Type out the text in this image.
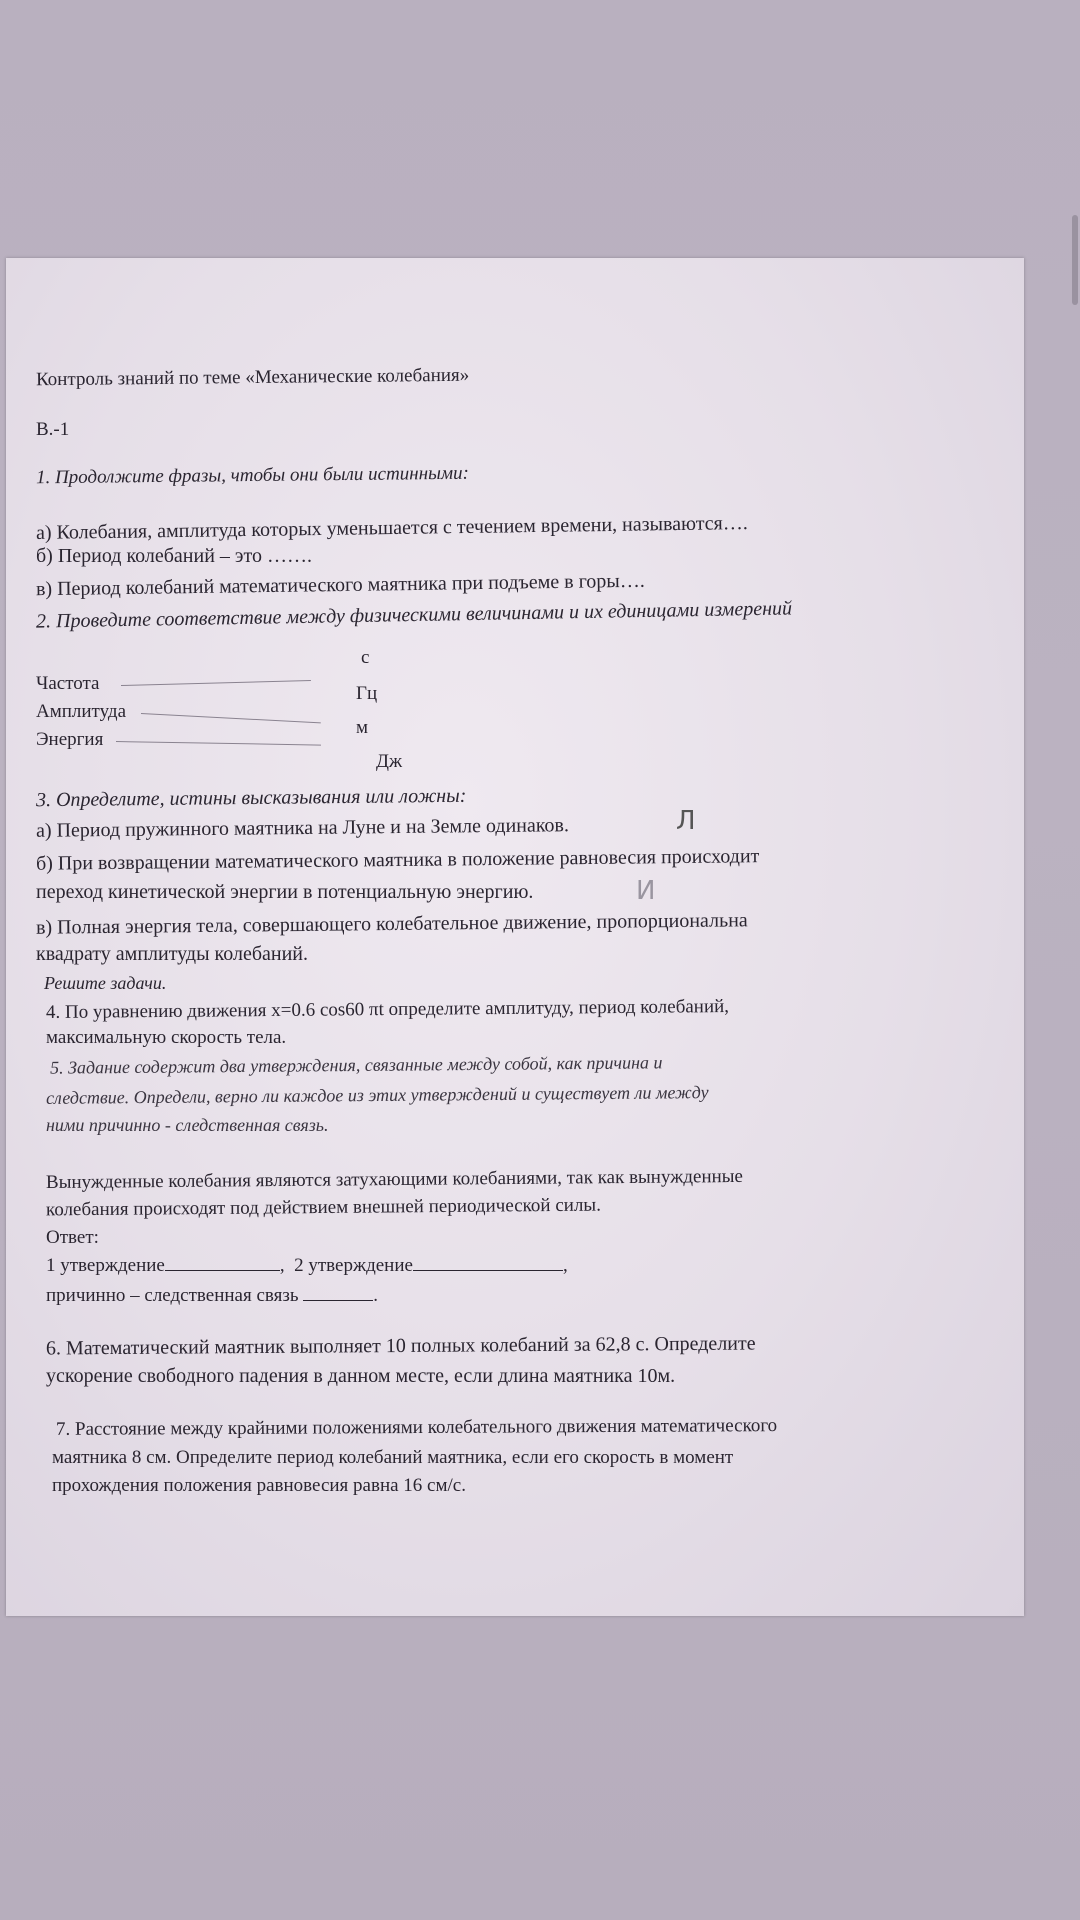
Контроль знаний по теме «Механические колебания»
В.-1
1. Продолжите фразы, чтобы они были истинными:
а) Колебания, амплитуда которых уменьшается с течением времени, называются….
б) Период колебаний – это …….
в) Период колебаний математического маятника при подъеме в горы….
2. Проведите соответствие между физическими величинами и их единицами измерений
Частота
Амплитуда
Энергия
с
Гц
м
Дж
3. Определите, истины высказывания или ложны:
а) Период пружинного маятника на Луне и на Земле одинаков.	Л
б) При возвращении математического маятника в положение равновесия происходит
переход кинетической энергии в потенциальную энергию.	И
в) Полная энергия тела, совершающего колебательное движение, пропорциональна
квадрату амплитуды колебаний.
Решите задачи.
4. По уравнению движения x=0.6 cos60 πt определите амплитуду, период колебаний,
максимальную скорость тела.
5. Задание содержит два утверждения, связанные между собой, как причина и
следствие. Определи, верно ли каждое из этих утверждений и существует ли между
ними причинно - следственная связь.
Вынужденные колебания являются затухающими колебаниями, так как вынужденные
колебания происходят под действием внешней периодической силы.
Ответ:
1 утверждение	,  2 утверждение	,
причинно – следственная связь	.
6. Математический маятник выполняет 10 полных колебаний за 62,8 с. Определите
ускорение свободного падения в данном месте, если длина маятника 10м.
7. Расстояние между крайними положениями колебательного движения математического
маятника 8 см. Определите период колебаний маятника, если его скорость в момент
прохождения положения равновесия равна 16 см/с.
